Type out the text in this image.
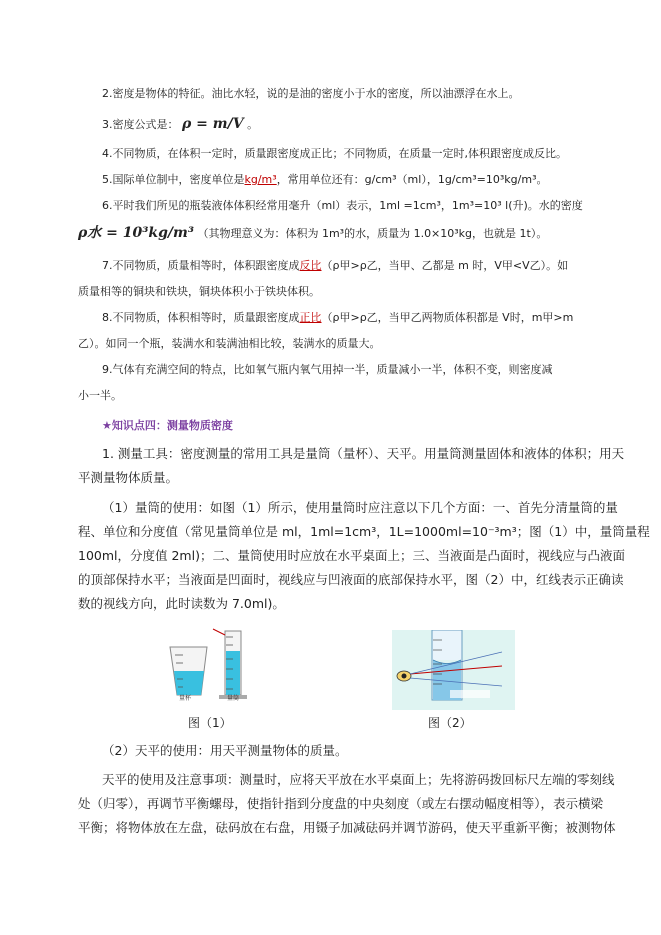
2.密度是物体的特征。油比水轻，说的是油的密度小于水的密度，所以油漂浮在水上。
3.密度公式是： ρ = m/V 。
4.不同物质，在体积一定时，质量跟密度成正比；不同物质，在质量一定时,体积跟密度成反比。
5.国际单位制中，密度单位是kg/m³，常用单位还有：g/cm³（ml），1g/cm³=10³kg/m³。
6.平时我们所见的瓶装液体体积经常用毫升（ml）表示，1ml =1cm³，1m³=10³ l(升)。水的密度
ρ水 = 10³kg/m³ （其物理意义为：体积为 1m³的水，质量为 1.0×10³kg，也就是 1t）。
7.不同物质，质量相等时，体积跟密度成反比（ρ甲>ρ乙，当甲、乙都是 m 时，V甲<V乙）。如
质量相等的铜块和铁块，铜块体积小于铁块体积。
8.不同物质，体积相等时，质量跟密度成正比（ρ甲>ρ乙，当甲乙两物质体积都是 V时，m甲>m
乙）。如同一个瓶，装满水和装满油相比较，装满水的质量大。
9.气体有充满空间的特点，比如氧气瓶内氧气用掉一半，质量减小一半，体积不变，则密度减
小一半。
★知识点四：测量物质密度
1. 测量工具：密度测量的常用工具是量筒（量杯）、天平。用量筒测量固体和液体的体积；用天
平测量物体质量。
（1）量筒的使用：如图（1）所示，使用量筒时应注意以下几个方面：一、首先分清量筒的量
程、单位和分度值（常见量筒单位是 ml，1ml=1cm³，1L=1000ml=10⁻³m³；图（1）中，量筒量程
100ml，分度值 2ml)；二、量筒使用时应放在水平桌面上；三、当液面是凸面时，视线应与凸液面
的顶部保持水平；当液面是凹面时，视线应与凹液面的底部保持水平，图（2）中，红线表示正确读
数的视线方向，此时读数为 7.0ml)。
量杯	量筒
图（1）	图（2）
（2）天平的使用：用天平测量物体的质量。
天平的使用及注意事项：测量时，应将天平放在水平桌面上；先将游码拨回标尺左端的零刻线
处（归零），再调节平衡螺母，使指针指到分度盘的中央刻度（或左右摆动幅度相等），表示横梁
平衡；将物体放在左盘，砝码放在右盘，用镊子加减砝码并调节游码，使天平重新平衡；被测物体
